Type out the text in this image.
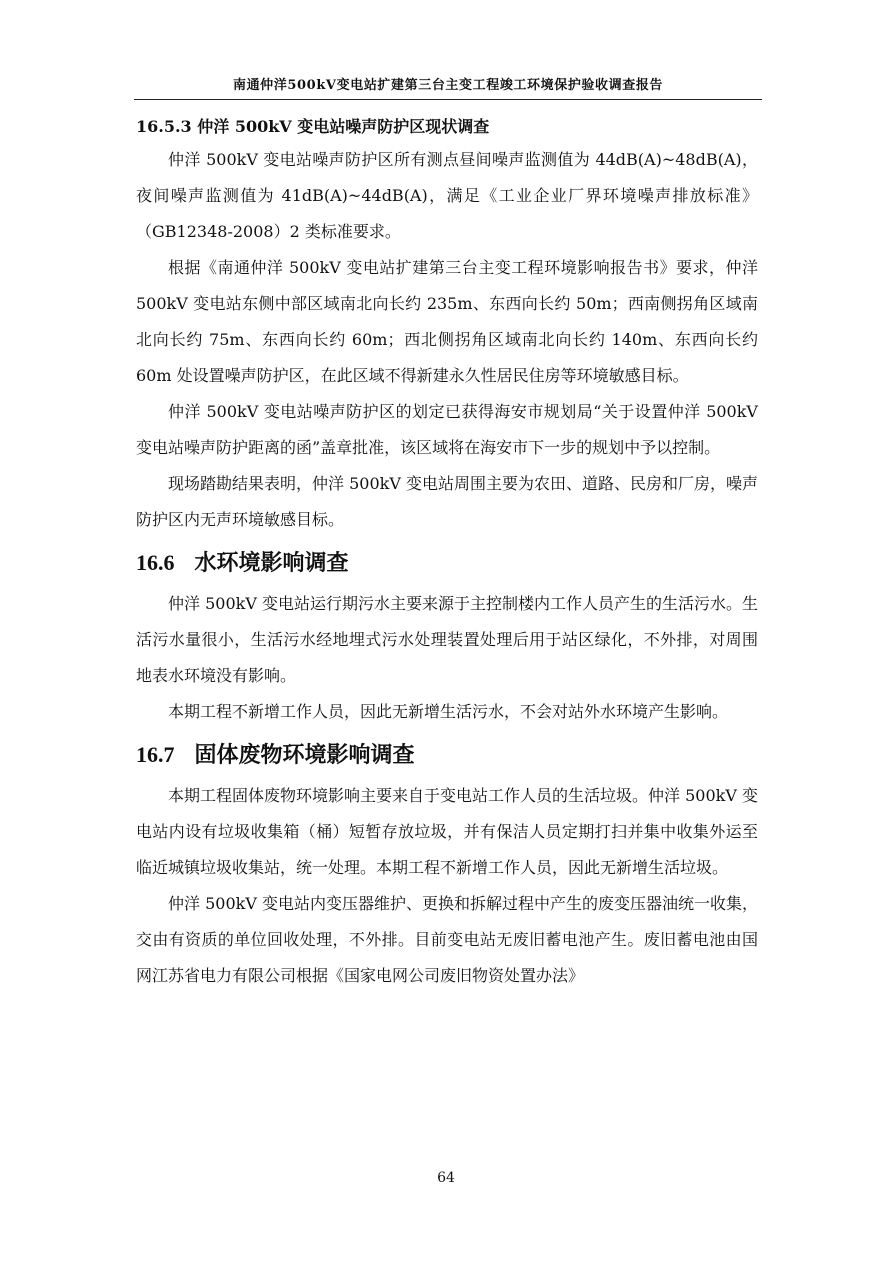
南通仲洋500kV变电站扩建第三台主变工程竣工环境保护验收调查报告
16.5.3 仲洋 500kV 变电站噪声防护区现状调查

仲洋 500kV 变电站噪声防护区所有测点昼间噪声监测值为 44dB(A)~48dB(A)，夜间噪声监测值为 41dB(A)~44dB(A)，满足《工业企业厂界环境噪声排放标准》（GB12348-2008）2 类标准要求。

根据《南通仲洋 500kV 变电站扩建第三台主变工程环境影响报告书》要求，仲洋 500kV 变电站东侧中部区域南北向长约 235m、东西向长约 50m；西南侧拐角区域南北向长约 75m、东西向长约 60m；西北侧拐角区域南北向长约 140m、东西向长约 60m 处设置噪声防护区，在此区域不得新建永久性居民住房等环境敏感目标。

仲洋 500kV 变电站噪声防护区的划定已获得海安市规划局“关于设置仲洋 500kV 变电站噪声防护距离的函”盖章批准，该区域将在海安市下一步的规划中予以控制。

现场踏勘结果表明，仲洋 500kV 变电站周围主要为农田、道路、民房和厂房，噪声防护区内无声环境敏感目标。

16.6 水环境影响调查

仲洋 500kV 变电站运行期污水主要来源于主控制楼内工作人员产生的生活污水。生活污水量很小，生活污水经地埋式污水处理装置处理后用于站区绿化，不外排，对周围地表水环境没有影响。

本期工程不新增工作人员，因此无新增生活污水，不会对站外水环境产生影响。

16.7 固体废物环境影响调查

本期工程固体废物环境影响主要来自于变电站工作人员的生活垃圾。仲洋 500kV 变电站内设有垃圾收集箱（桶）短暂存放垃圾，并有保洁人员定期打扫并集中收集外运至临近城镇垃圾收集站，统一处理。本期工程不新增工作人员，因此无新增生活垃圾。

仲洋 500kV 变电站内变压器维护、更换和拆解过程中产生的废变压器油统一收集，交由有资质的单位回收处理，不外排。目前变电站无废旧蓄电池产生。废旧蓄电池由国网江苏省电力有限公司根据《国家电网公司废旧物资处置办法》

64
